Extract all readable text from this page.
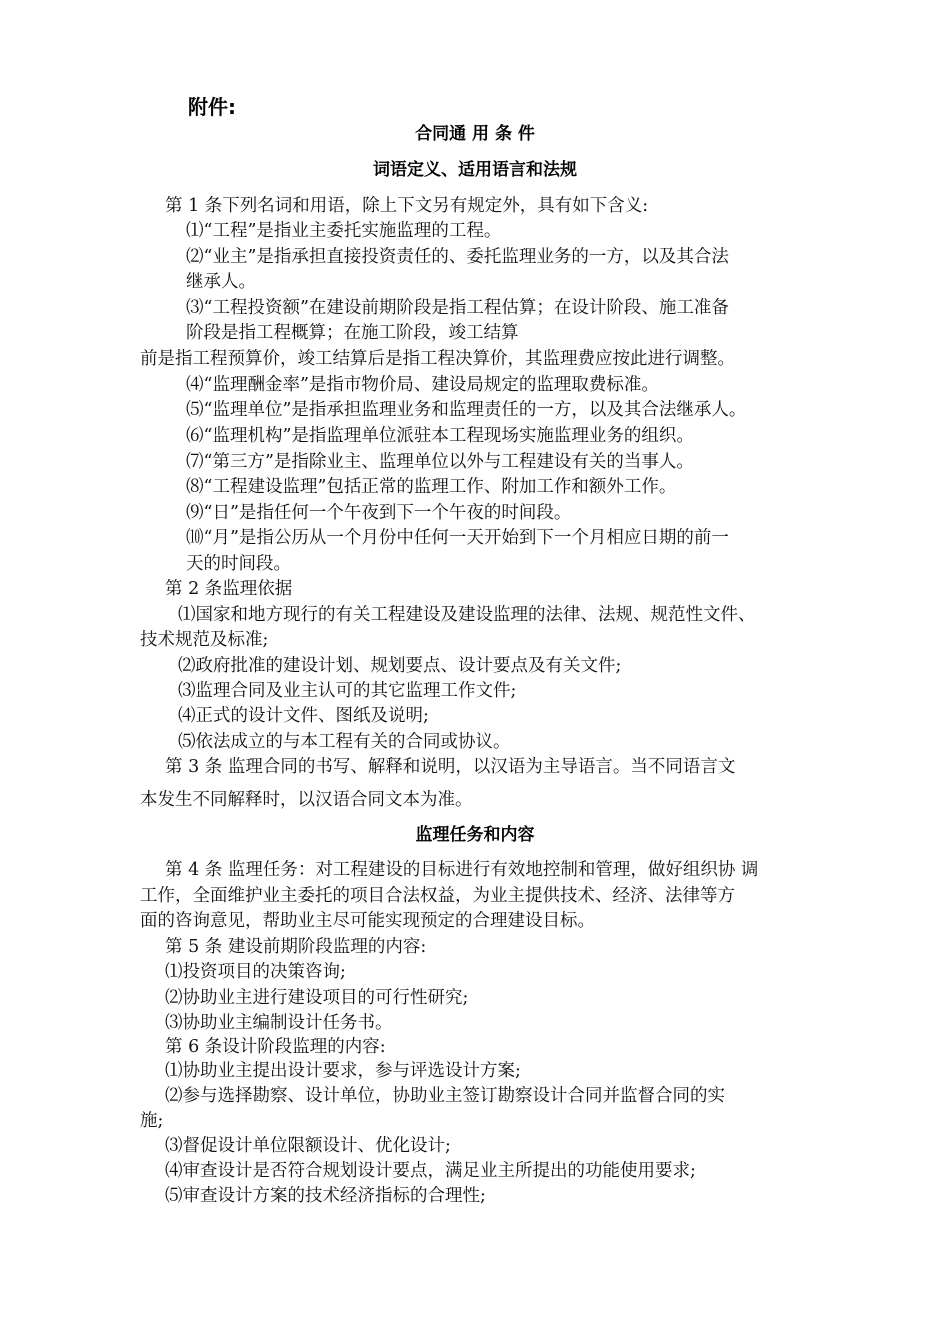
附件:
合同通 用 条 件
词语定义、适用语言和法规
第 1 条下列名词和用语，除上下文另有规定外，具有如下含义:
⑴“工程”是指业主委托实施监理的工程。
⑵“业主”是指承担直接投资责任的、委托监理业务的一方，以及其合法
继承人。
⑶“工程投资额”在建设前期阶段是指工程估算；在设计阶段、施工准备
阶段是指工程概算；在施工阶段，竣工结算
前是指工程预算价，竣工结算后是指工程决算价，其监理费应按此进行调整。
⑷“监理酬金率”是指市物价局、建设局规定的监理取费标准。
⑸“监理单位”是指承担监理业务和监理责任的一方，以及其合法继承人。
⑹“监理机构”是指监理单位派驻本工程现场实施监理业务的组织。
⑺“第三方”是指除业主、监理单位以外与工程建设有关的当事人。
⑻“工程建设监理”包括正常的监理工作、附加工作和额外工作。
⑼“日”是指任何一个午夜到下一个午夜的时间段。
⑽“月”是指公历从一个月份中任何一天开始到下一个月相应日期的前一
天的时间段。
第 2 条监理依据
⑴国家和地方现行的有关工程建设及建设监理的法律、法规、规范性文件、
技术规范及标准;
⑵政府批准的建设计划、规划要点、设计要点及有关文件;
⑶监理合同及业主认可的其它监理工作文件;
⑷正式的设计文件、图纸及说明;
⑸依法成立的与本工程有关的合同或协议。
第 3 条 监理合同的书写、解释和说明，以汉语为主导语言。当不同语言文
本发生不同解释时，以汉语合同文本为准。
监理任务和内容
第 4 条 监理任务：对工程建设的目标进行有效地控制和管理，做好组织协 调
工作，全面维护业主委托的项目合法权益，为业主提供技术、经济、法律等方
面的咨询意见，帮助业主尽可能实现预定的合理建设目标。
第 5 条 建设前期阶段监理的内容:
⑴投资项目的决策咨询;
⑵协助业主进行建设项目的可行性研究;
⑶协助业主编制设计任务书。
第 6 条设计阶段监理的内容:
⑴协助业主提出设计要求，参与评选设计方案;
⑵参与选择勘察、设计单位，协助业主签订勘察设计合同并监督合同的实
施;
⑶督促设计单位限额设计、优化设计;
⑷审查设计是否符合规划设计要点，满足业主所提出的功能使用要求;
⑸审查设计方案的技术经济指标的合理性;
